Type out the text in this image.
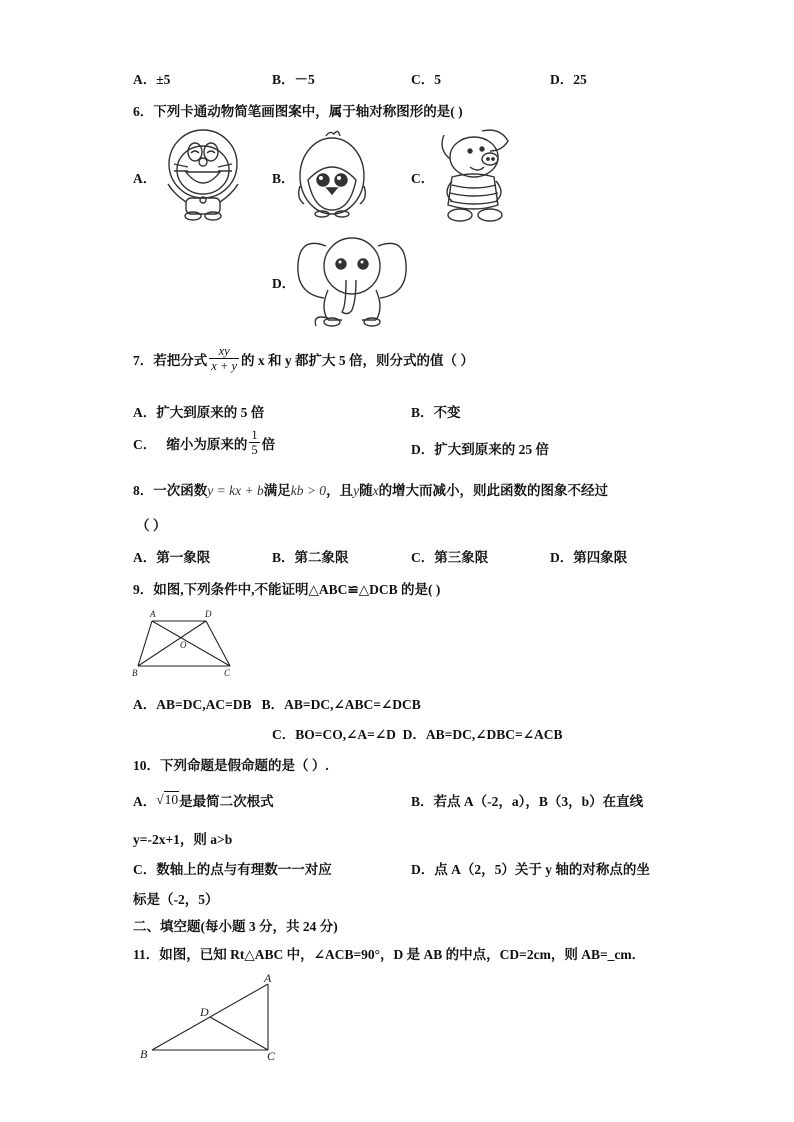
A．±5	B．－5	C．5	D．25
6．下列卡通动物简笔画图案中，属于轴对称图形的是( )
A．	B．	C．
D．
7．若把分式 $\frac{xy}{x + y}$ 的 x 和 y 都扩大 5 倍，则分式的值（ ）
A．扩大到原来的 5 倍	B．不变
C．   缩小为原来的 $\frac{1}{5}$ 倍	D．扩大到原来的 25 倍
8．一次函数y = kx + b满足kb > 0，且y随x的增大而减小，则此函数的图象不经过
（ ）
A．第一象限	B．第二象限	C．第三象限	D．第四象限
9．如图,下列条件中,不能证明△ABC≌△DCB 的是( )
A	D
O
B	C
A．AB=DC,AC=DB   B．AB=DC,∠ABC=∠DCB
C．BO=CO,∠A=∠D  D．AB=DC,∠DBC=∠ACB
10．下列命题是假命题的是（ ）.
A． √10 是最简二次根式	B．若点 A（-2，a），B（3，b）在直线
y=-2x+1，则 a>b
C．数轴上的点与有理数一一对应	D．点 A（2，5）关于 y 轴的对称点的坐
标是（-2，5）
二、填空题(每小题 3 分，共 24 分)
11．如图，已知 Rt△ABC 中，∠ACB=90°，D 是 AB 的中点，CD=2cm，则 AB=_cm．
A
D
B	C
